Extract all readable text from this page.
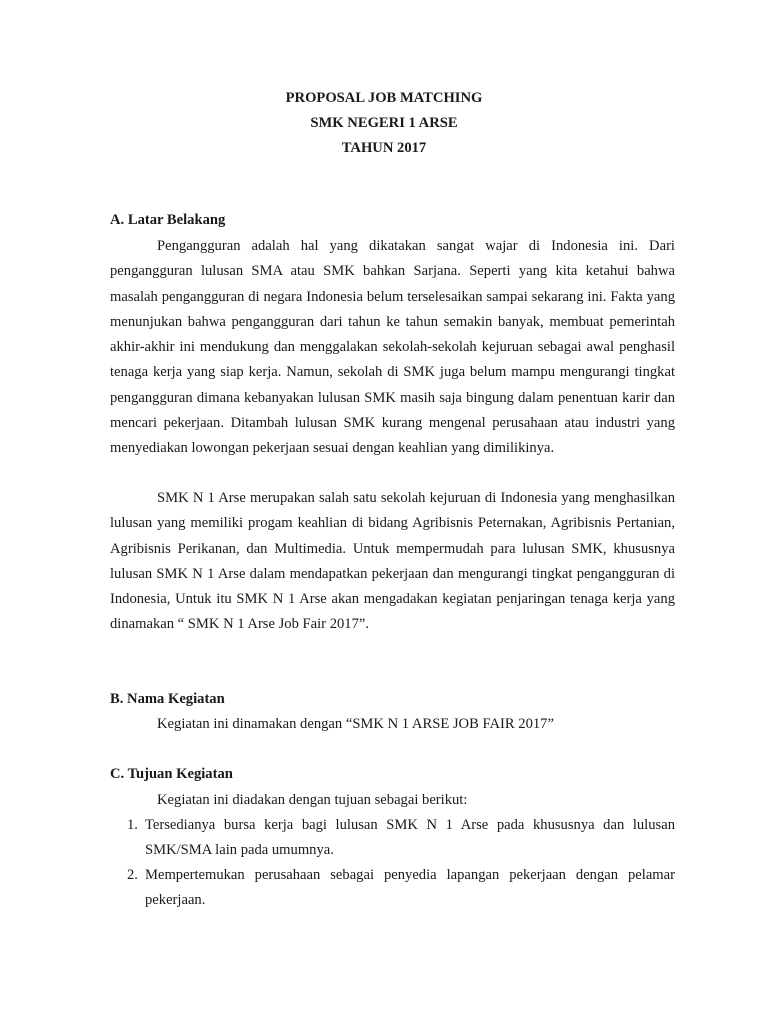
PROPOSAL JOB MATCHING
SMK NEGERI 1 ARSE
TAHUN 2017
A. Latar Belakang

Pengangguran adalah hal yang dikatakan sangat wajar di Indonesia ini. Dari pengangguran lulusan SMA atau SMK bahkan Sarjana. Seperti yang kita ketahui bahwa masalah pengangguran di negara Indonesia belum terselesaikan sampai sekarang ini. Fakta yang menunjukan bahwa pengangguran dari tahun ke tahun semakin banyak, membuat pemerintah akhir-akhir ini mendukung dan menggalakan sekolah-sekolah kejuruan sebagai awal penghasil tenaga kerja yang siap kerja. Namun, sekolah di SMK juga belum mampu mengurangi tingkat pengangguran dimana kebanyakan lulusan SMK masih saja bingung dalam penentuan karir dan mencari pekerjaan. Ditambah lulusan SMK kurang mengenal perusahaan atau industri yang menyediakan lowongan pekerjaan sesuai dengan keahlian yang dimilikinya.

SMK N 1 Arse merupakan salah satu sekolah kejuruan di Indonesia yang menghasilkan lulusan yang memiliki progam keahlian di bidang Agribisnis Peternakan, Agribisnis Pertanian, Agribisnis Perikanan, dan Multimedia. Untuk mempermudah para lulusan SMK, khususnya lulusan SMK N 1 Arse dalam mendapatkan pekerjaan dan mengurangi tingkat pengangguran di Indonesia, Untuk itu SMK N 1 Arse akan mengadakan kegiatan penjaringan tenaga kerja yang dinamakan “ SMK N 1 Arse Job Fair 2017”.

B. Nama Kegiatan
Kegiatan ini dinamakan dengan “SMK N 1 ARSE JOB FAIR 2017”
C. Tujuan Kegiatan
Kegiatan ini diadakan dengan tujuan sebagai berikut:
1. Tersedianya bursa kerja bagi lulusan SMK N 1 Arse pada khususnya dan lulusan SMK/SMA lain pada umumnya.
2. Mempertemukan perusahaan sebagai penyedia lapangan pekerjaan dengan pelamar pekerjaan.
